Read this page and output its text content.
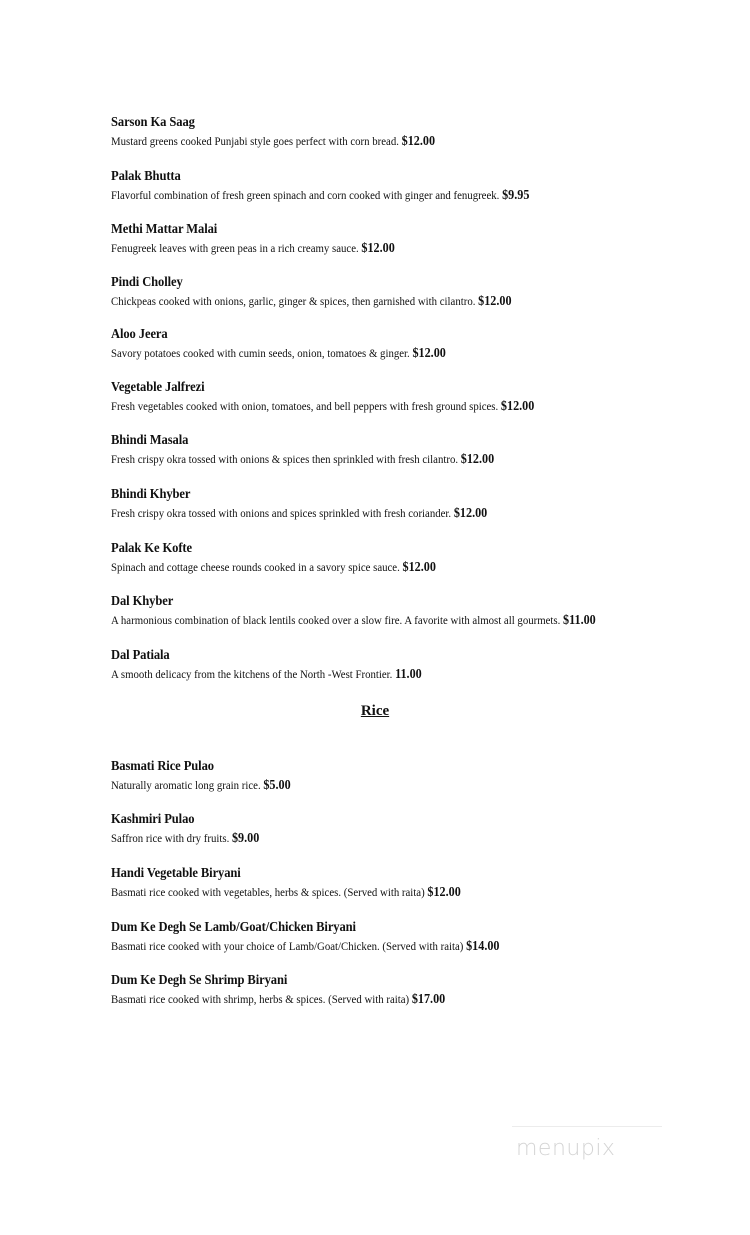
Sarson Ka Saag

Mustard greens cooked Punjabi style goes perfect with corn bread. $12.00

Palak Bhutta

Flavorful combination of fresh green spinach and corn cooked with ginger and fenugreek. $9.95

Methi Mattar Malai

Fenugreek leaves with green peas in a rich creamy sauce. $12.00

Pindi Cholley

Chickpeas cooked with onions, garlic, ginger & spices, then garnished with cilantro. $12.00

Aloo Jeera

Savory potatoes cooked with cumin seeds, onion, tomatoes & ginger. $12.00

Vegetable Jalfrezi

Fresh vegetables cooked with onion, tomatoes, and bell peppers with fresh ground spices. $12.00

Bhindi Masala

Fresh crispy okra tossed with onions & spices then sprinkled with fresh cilantro. $12.00

Bhindi Khyber

Fresh crispy okra tossed with onions and spices sprinkled with fresh coriander. $12.00

Palak Ke Kofte

Spinach and cottage cheese rounds cooked in a savory spice sauce. $12.00

Dal Khyber

A harmonious combination of black lentils cooked over a slow fire. A favorite with almost all gourmets. $11.00

Dal Patiala

A smooth delicacy from the kitchens of the North -West Frontier. 11.00

Rice

Basmati Rice Pulao

Naturally aromatic long grain rice. $5.00

Kashmiri Pulao

Saffron rice with dry fruits. $9.00

Handi Vegetable Biryani

Basmati rice cooked with vegetables, herbs & spices. (Served with raita) $12.00

Dum Ke Degh Se Lamb/Goat/Chicken Biryani

Basmati rice cooked with your choice of Lamb/Goat/Chicken. (Served with raita) $14.00

Dum Ke Degh Se Shrimp Biryani

Basmati rice cooked with shrimp, herbs & spices. (Served with raita) $17.00

menupix
